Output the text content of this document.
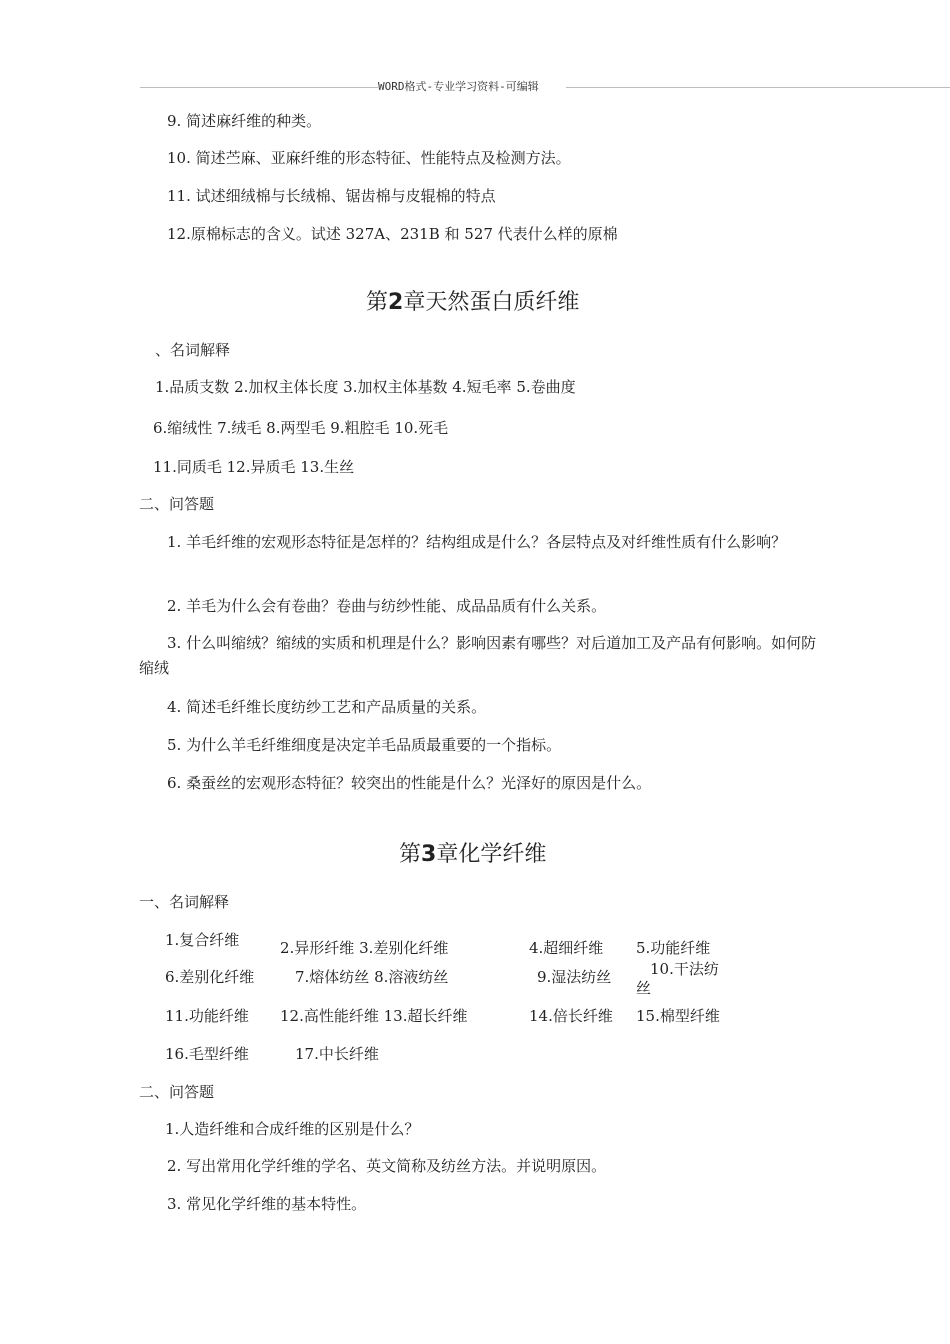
WORD格式-专业学习资料-可编辑
9. 简述麻纤维的种类。
10. 简述苎麻、亚麻纤维的形态特征、性能特点及检测方法。
11. 试述细绒棉与长绒棉、锯齿棉与皮辊棉的特点
12.原棉标志的含义。试述 327A、231B 和 527 代表什么样的原棉
第2章天然蛋白质纤维
、名词解释
1.品质支数 2.加权主体长度 3.加权主体基数 4.短毛率 5.卷曲度
6.缩绒性 7.绒毛 8.两型毛 9.粗腔毛 10.死毛
11.同质毛 12.异质毛 13.生丝
二、问答题
1. 羊毛纤维的宏观形态特征是怎样的？结构组成是什么？各层特点及对纤维性质有什么影响？
2. 羊毛为什么会有卷曲？卷曲与纺纱性能、成品品质有什么关系。
3. 什么叫缩绒？缩绒的实质和机理是什么？影响因素有哪些？对后道加工及产品有何影响。如何防缩绒
4. 简述毛纤维长度纺纱工艺和产品质量的关系。
5. 为什么羊毛纤维细度是决定羊毛品质最重要的一个指标。
6. 桑蚕丝的宏观形态特征？较突出的性能是什么？光泽好的原因是什么。
第3章化学纤维
一、名词解释
1.复合纤维	2.异形纤维 3.差别化纤维	4.超细纤维 5.功能纤维
6.差别化纤维	7.熔体纺丝 8.溶液纺丝	9.湿法纺丝	10.干法纺丝
11.功能纤维 12.高性能纤维 13.超长纤维	14.倍长纤维 15.棉型纤维
16.毛型纤维	17.中长纤维
二、问答题
1.人造纤维和合成纤维的区别是什么？
2. 写出常用化学纤维的学名、英文简称及纺丝方法。并说明原因。
3. 常见化学纤维的基本特性。
